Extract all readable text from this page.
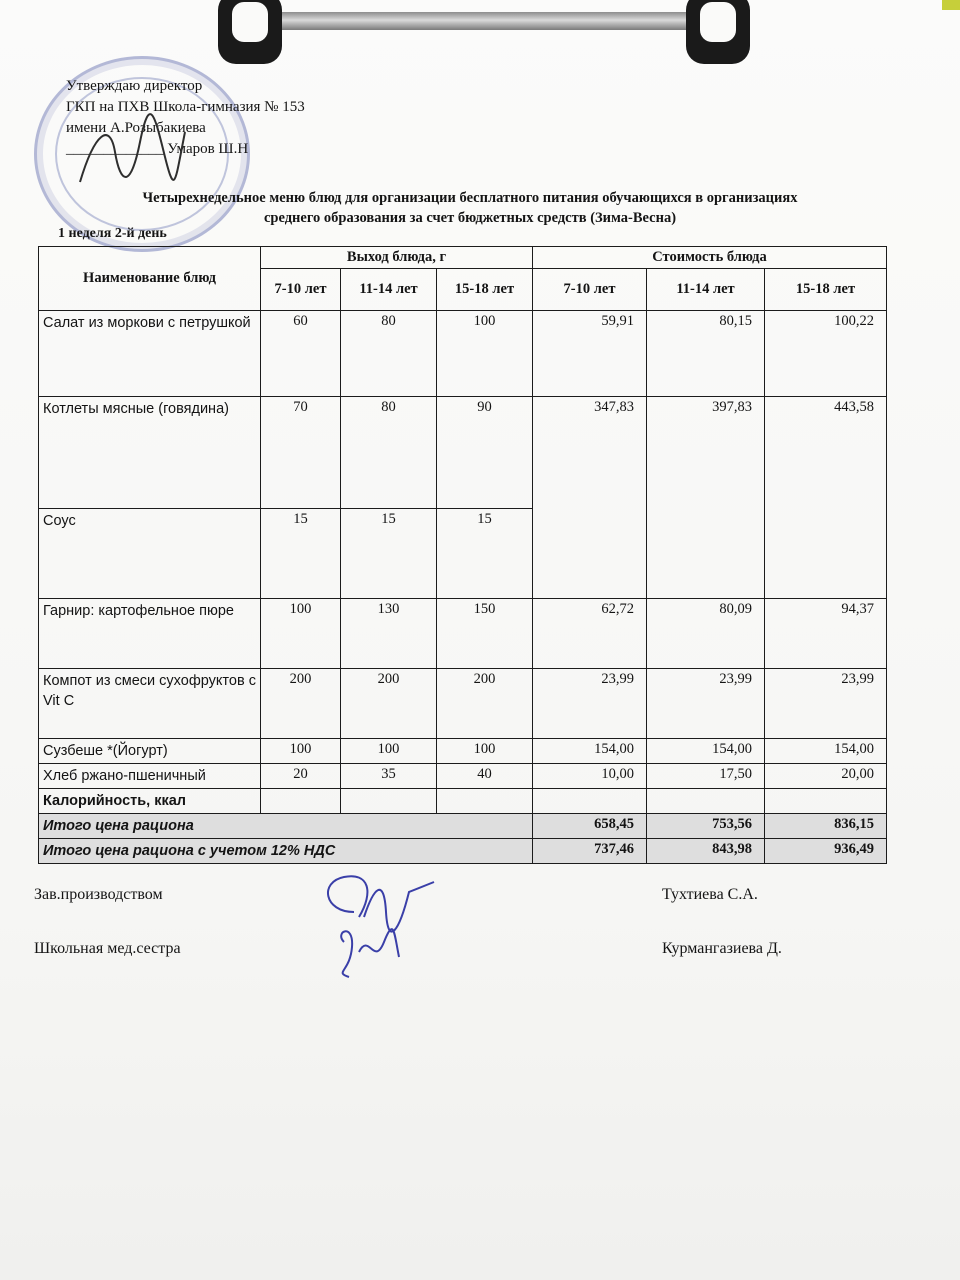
Утверждаю директор
ГКП на ПХВ Школа-гимназия № 153
имени А.Розыбакиева
_____________ Умаров Ш.Н
Четырехнедельное меню блюд для организации бесплатного питания обучающихся в организациях
среднего образования за счет бюджетных средств (Зима-Весна)
1 неделя 2-й день
Наименование блюд	Выход блюда, г			Стоимость блюда		
	7-10 лет	11-14 лет	15-18 лет	7-10 лет	11-14 лет	15-18 лет
Салат из моркови с петрушкой	60	80	100	59,91	80,15	100,22
Котлеты мясные (говядина)	70	80	90	347,83	397,83	443,58
Соус	15	15	15			
Гарнир: картофельное пюре	100	130	150	62,72	80,09	94,37
Компот из смеси сухофруктов с Vit C	200	200	200	23,99	23,99	23,99
Сузбеше *(Йогурт)	100	100	100	154,00	154,00	154,00
Хлеб ржано-пшеничный	20	35	40	10,00	17,50	20,00
Калорийность, ккал						
Итого цена рациона				658,45	753,56	836,15
Итого цена рациона с учетом 12% НДС				737,46	843,98	936,49
Зав.производством	Тухтиева С.А.
Школьная мед.сестра	Курмангазиева Д.
